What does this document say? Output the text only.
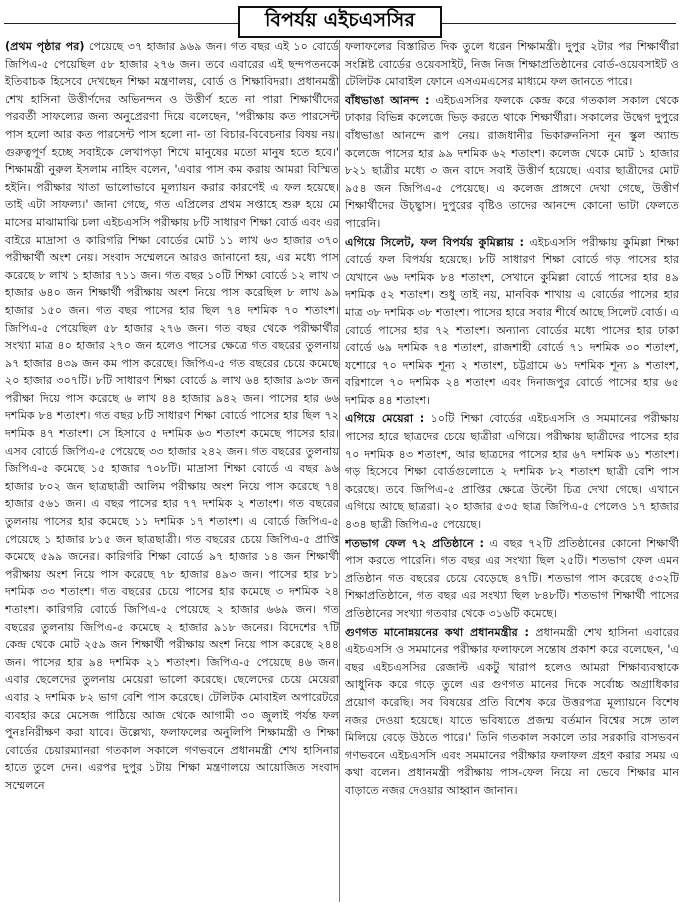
বিপর্যয় এইচএসসির

(প্রথম পৃষ্ঠার পর) পেয়েছে ৩৭ হাজার ৯৬৯ জন। গত বছর এই ১০ বোর্ডে জিপিএ-৫ পেয়েছিল ৫৮ হাজার ২৭৬ জন। তবে এবারের এই ছন্দপতনকে ইতিবাচক হিসেবে দেখছেন শিক্ষা মন্ত্রণালয়, বোর্ড ও শিক্ষাবিদরা। প্রধানমন্ত্রী শেখ হাসিনা উত্তীর্ণদের অভিনন্দন ও উত্তীর্ণ হতে না পারা শিক্ষার্থীদের পরবর্তী সাফল্যের জন্য অনুপ্রেরণা দিয়ে বলেছেন, 'পরীক্ষায় কত পারসেন্ট পাস হলো আর কত পারসেন্ট পাস হলো না- তা বিচার-বিবেচনার বিষয় নয়। গুরুত্বপূর্ণ হচ্ছে সবাইকে লেখাপড়া শিখে মানুষের মতো মানুষ হতে হবে।' শিক্ষামন্ত্রী নুরুল ইসলাম নাহিদ বলেন, 'এবার পাস কম করায় আমরা বিস্মিত হইনি। পরীক্ষার খাতা ভালোভাবে মূল্যায়ন করার কারণেই এ ফল হয়েছে। তাই এটা সাফল্য।' জানা গেছে, গত এপ্রিলের প্রথম সপ্তাহে শুরু হয়ে মে মাসের মাঝামাঝি চলা এইচএসসি পরীক্ষায় ৮টি সাধারণ শিক্ষা বোর্ড এবং এর বাইরে মাদ্রাসা ও কারিগরি শিক্ষা বোর্ডের মোট ১১ লাখ ৬৩ হাজার ৩৭০ পরীক্ষার্থী অংশ নেয়। সংবাদ সম্মেলনে আরও জানানো হয়, এর মধ্যে পাস করেছে ৮ লাখ ১ হাজার ৭১১ জন। গত বছর ১০টি শিক্ষা বোর্ডে ১২ লাখ ৩ হাজার ৬৪০ জন শিক্ষার্থী পরীক্ষায় অংশ নিয়ে পাস করেছিল ৮ লাখ ৯৯ হাজার ১৫০ জন। গত বছর পাসের হার ছিল ৭৪ দশমিক ৭০ শতাংশ। জিপিএ-৫ পেয়েছিল ৫৮ হাজার ২৭৬ জন। গত বছর থেকে পরীক্ষার্থীর সংখ্যা মাত্র ৪০ হাজার ২৭০ জন হলেও পাসের ক্ষেত্রে গত বছরের তুলনায় ৯৭ হাজার ৪৩৯ জন কম পাস করেছে। জিপিএ-৫ গত বছরের চেয়ে কমেছে ২০ হাজার ৩০৭টি। ৮টি সাধারণ শিক্ষা বোর্ডে ৯ লাখ ৬৪ হাজার ৯৩৮ জন পরীক্ষা দিয়ে পাস করেছে ৬ লাখ ৪৪ হাজার ৯৪২ জন। পাসের হার ৬৬ দশমিক ৮৪ শতাংশ। গত বছর ৮টি সাধারণ শিক্ষা বোর্ডে পাসের হার ছিল ৭২ দশমিক ৪৭ শতাংশ। সে হিসাবে ৫ দশমিক ৬৩ শতাংশ কমেছে পাসের হার। এসব বোর্ডে জিপিএ-৫ পেয়েছে ৩৩ হাজার ২৪২ জন। গত বছরের তুলনায় জিপিএ-৫ কমেছে ১৫ হাজার ৭০৮টি। মাদ্রাসা শিক্ষা বোর্ডে এ বছর ৯৬ হাজার ৮০২ জন ছাত্রছাত্রী আলিম পরীক্ষায় অংশ নিয়ে পাস করেছে ৭৪ হাজার ৫৬১ জন। এ বছর পাসের হার ৭৭ দশমিক ২ শতাংশ। গত বছরের তুলনায় পাসের হার কমেছে ১১ দশমিক ১৭ শতাংশ। এ বোর্ডে জিপিএ-৫ পেয়েছে ১ হাজার ৮১৫ জন ছাত্রছাত্রী। গত বছরের চেয়ে জিপিএ-৫ প্রাপ্তি কমেছে ৫৯৯ জনের। কারিগরি শিক্ষা বোর্ডে ৯৭ হাজার ১৪ জন শিক্ষার্থী পরীক্ষায় অংশ নিয়ে পাস করেছে ৭৮ হাজার ৪৯৩ জন। পাসের হার ৮১ দশমিক ৩৩ শতাংশ। গত বছরের চেয়ে পাসের হার কমেছে ৩ দশমিক ২৪ শতাংশ। কারিগরি বোর্ডে জিপিএ-৫ পেয়েছে ২ হাজার ৬৬৯ জন। গত বছরের তুলনায় জিপিএ-৫ কমেছে ২ হাজার ৯১৮ জনের। বিদেশের ৭টি কেন্দ্র থেকে মোট ২৫৯ জন শিক্ষার্থী পরীক্ষায় অংশ নিয়ে পাস করেছে ২৪৪ জন। পাসের হার ৯৪ দশমিক ২১ শতাংশ। জিপিএ-৫ পেয়েছে ৪৬ জন। এবার ছেলেদের তুলনায় মেয়েরা ভালো করেছে। ছেলেদের চেয়ে মেয়েরা এবার ২ দশমিক ৮২ ভাগ বেশি পাস করেছে। টেলিটক মোবাইল অপারেটরে ব্যবহার করে মেসেজ পাঠিয়ে আজ থেকে আগামী ৩০ জুলাই পর্যন্ত ফল পুনঃনিরীক্ষণ করা যাবে। উল্লেখ্য, ফলাফলের অনুলিপি শিক্ষামন্ত্রী ও শিক্ষা বোর্ডের চেয়ারম্যানরা গতকাল সকালে গণভবনে প্রধানমন্ত্রী শেখ হাসিনার হাতে তুলে দেন। এরপর দুপুর ১টায় শিক্ষা মন্ত্রণালয়ে আয়োজিত সংবাদ সম্মেলনে

ফলাফলের বিস্তারিত দিক তুলে ধরেন শিক্ষামন্ত্রী। দুপুর ২টার পর শিক্ষার্থীরা সংশ্লিষ্ট বোর্ডের ওয়েবসাইট, নিজ নিজ শিক্ষাপ্রতিষ্ঠানের বোর্ড-ওয়েবসাইট ও টেলিটক মোবাইল ফোনে এসএমএসের মাধ্যমে ফল জানতে পারে।

বাঁধভাঙা আনন্দ : এইচএসসির ফলকে কেন্দ্র করে গতকাল সকাল থেকে ঢাকার বিভিন্ন কলেজে ভিড় করতে থাকে শিক্ষার্থীরা। সকালের উদ্বেগ দুপুরে বাঁধভাঙা আনন্দে রূপ নেয়। রাজধানীর ভিকারুননিসা নূন স্কুল অ্যান্ড কলেজে পাসের হার ৯৯ দশমিক ৬২ শতাংশ। কলেজ থেকে মোট ১ হাজার ৮২১ ছাত্রীর মধ্যে ৩ জন বাদে সবাই উত্তীর্ণ হয়েছে। এবার ছাত্রীদের মোট ৯৫৪ জন জিপিএ-৫ পেয়েছে। এ কলেজ প্রাঙ্গণে দেখা গেছে, উত্তীর্ণ শিক্ষার্থীদের উচ্ছ্বাস। দুপুরের বৃষ্টিও তাদের আনন্দে কোনো ভাটা ফেলতে পারেনি।

এগিয়ে সিলেট, ফল বিপর্যয় কুমিল্লায় : এইচএসসি পরীক্ষায় কুমিল্লা শিক্ষা বোর্ডে ফল বিপর্যয় হয়েছে। ৮টি সাধারণ শিক্ষা বোর্ডে গড় পাসের হার যেখানে ৬৬ দশমিক ৮৪ শতাংশ, সেখানে কুমিল্লা বোর্ডে পাসের হার ৪৯ দশমিক ৫২ শতাংশ। শুধু তাই নয়, মানবিক শাখায় এ বোর্ডের পাসের হার মাত্র ৩৮ দশমিক ৩৮ শতাংশ। পাসের হারে সবার শীর্ষে আছে সিলেট বোর্ড। এ বোর্ডে পাসের হার ৭২ শতাংশ। অন্যান্য বোর্ডের মধ্যে পাসের হার ঢাকা বোর্ডে ৬৯ দশমিক ৭৪ শতাংশ, রাজশাহী বোর্ডে ৭১ দশমিক ৩০ শতাংশ, যশোরে ৭০ দশমিক শূন্য ২ শতাংশ, চট্টগ্রামে ৬১ দশমিক শূন্য ৯ শতাংশ, বরিশালে ৭০ দশমিক ২৪ শতাংশ এবং দিনাজপুর বোর্ডে পাসের হার ৬৫ দশমিক ৪৪ শতাংশ।

এগিয়ে মেয়েরা : ১০টি শিক্ষা বোর্ডের এইচএসসি ও সমমানের পরীক্ষায় পাসের হারে ছাত্রদের চেয়ে ছাত্রীরা এগিয়ে। পরীক্ষায় ছাত্রীদের পাসের হার ৭০ দশমিক ৪৩ শতাংশ, আর ছাত্রদের পাসের হার ৬৭ দশমিক ৬১ শতাংশ। গড় হিসেবে শিক্ষা বোর্ডগুলোতে ২ দশমিক ৮২ শতাংশ ছাত্রী বেশি পাস করেছে। তবে জিপিএ-৫ প্রাপ্তির ক্ষেত্রে উল্টো চিত্র দেখা গেছে। এখানে এগিয়ে আছে ছাত্ররা। ২০ হাজার ৫৩৫ ছাত্র জিপিএ-৫ পেলেও ১৭ হাজার ৪৩৪ ছাত্রী জিপিএ-৫ পেয়েছে।

শতভাগ ফেল ৭২ প্রতিষ্ঠানে : এ বছর ৭২টি প্রতিষ্ঠানের কোনো শিক্ষার্থী পাস করতে পারেনি। গত বছর এর সংখ্যা ছিল ২৫টি। শতভাগ ফেল এমন প্রতিষ্ঠান গত বছরের চেয়ে বেড়েছে ৪৭টি। শতভাগ পাস করেছে ৫৩২টি শিক্ষাপ্রতিষ্ঠানে, গত বছর এর সংখ্যা ছিল ৮৪৮টি। শতভাগ শিক্ষার্থী পাসের প্রতিষ্ঠানের সংখ্যা গতবার থেকে ৩১৬টি কমেছে।

গুণগত মানোন্নয়নের কথা প্রধানমন্ত্রীর : প্রধানমন্ত্রী শেখ হাসিনা এবারের এইচএসসি ও সমমানের পরীক্ষার ফলাফলে সন্তোষ প্রকাশ করে বলেছেন, 'এ বছর এইচএসসির রেজাল্ট একটু খারাপ হলেও আমরা শিক্ষাব্যবস্থাকে আধুনিক করে গড়ে তুলে এর গুণগত মানের দিকে সর্বোচ্চ অগ্রাধিকার প্রয়োগ করেছি। সব বিষয়ের প্রতি বিশেষ করে উত্তরপত্র মূল্যায়নে বিশেষ নজর দেওয়া হয়েছে। যাতে ভবিষ্যতে প্রজন্ম বর্তমান বিশ্বের সঙ্গে তাল মিলিয়ে বেড়ে উঠতে পারে।' তিনি গতকাল সকালে তার সরকারি বাসভবন গণভবনে এইচএসসি এবং সমমানের পরীক্ষার ফলাফল গ্রহণ করার সময় এ কথা বলেন। প্রধানমন্ত্রী পরীক্ষায় পাস-ফেল নিয়ে না ভেবে শিক্ষার মান বাড়াতে নজর দেওয়ার আহ্বান জানান।
